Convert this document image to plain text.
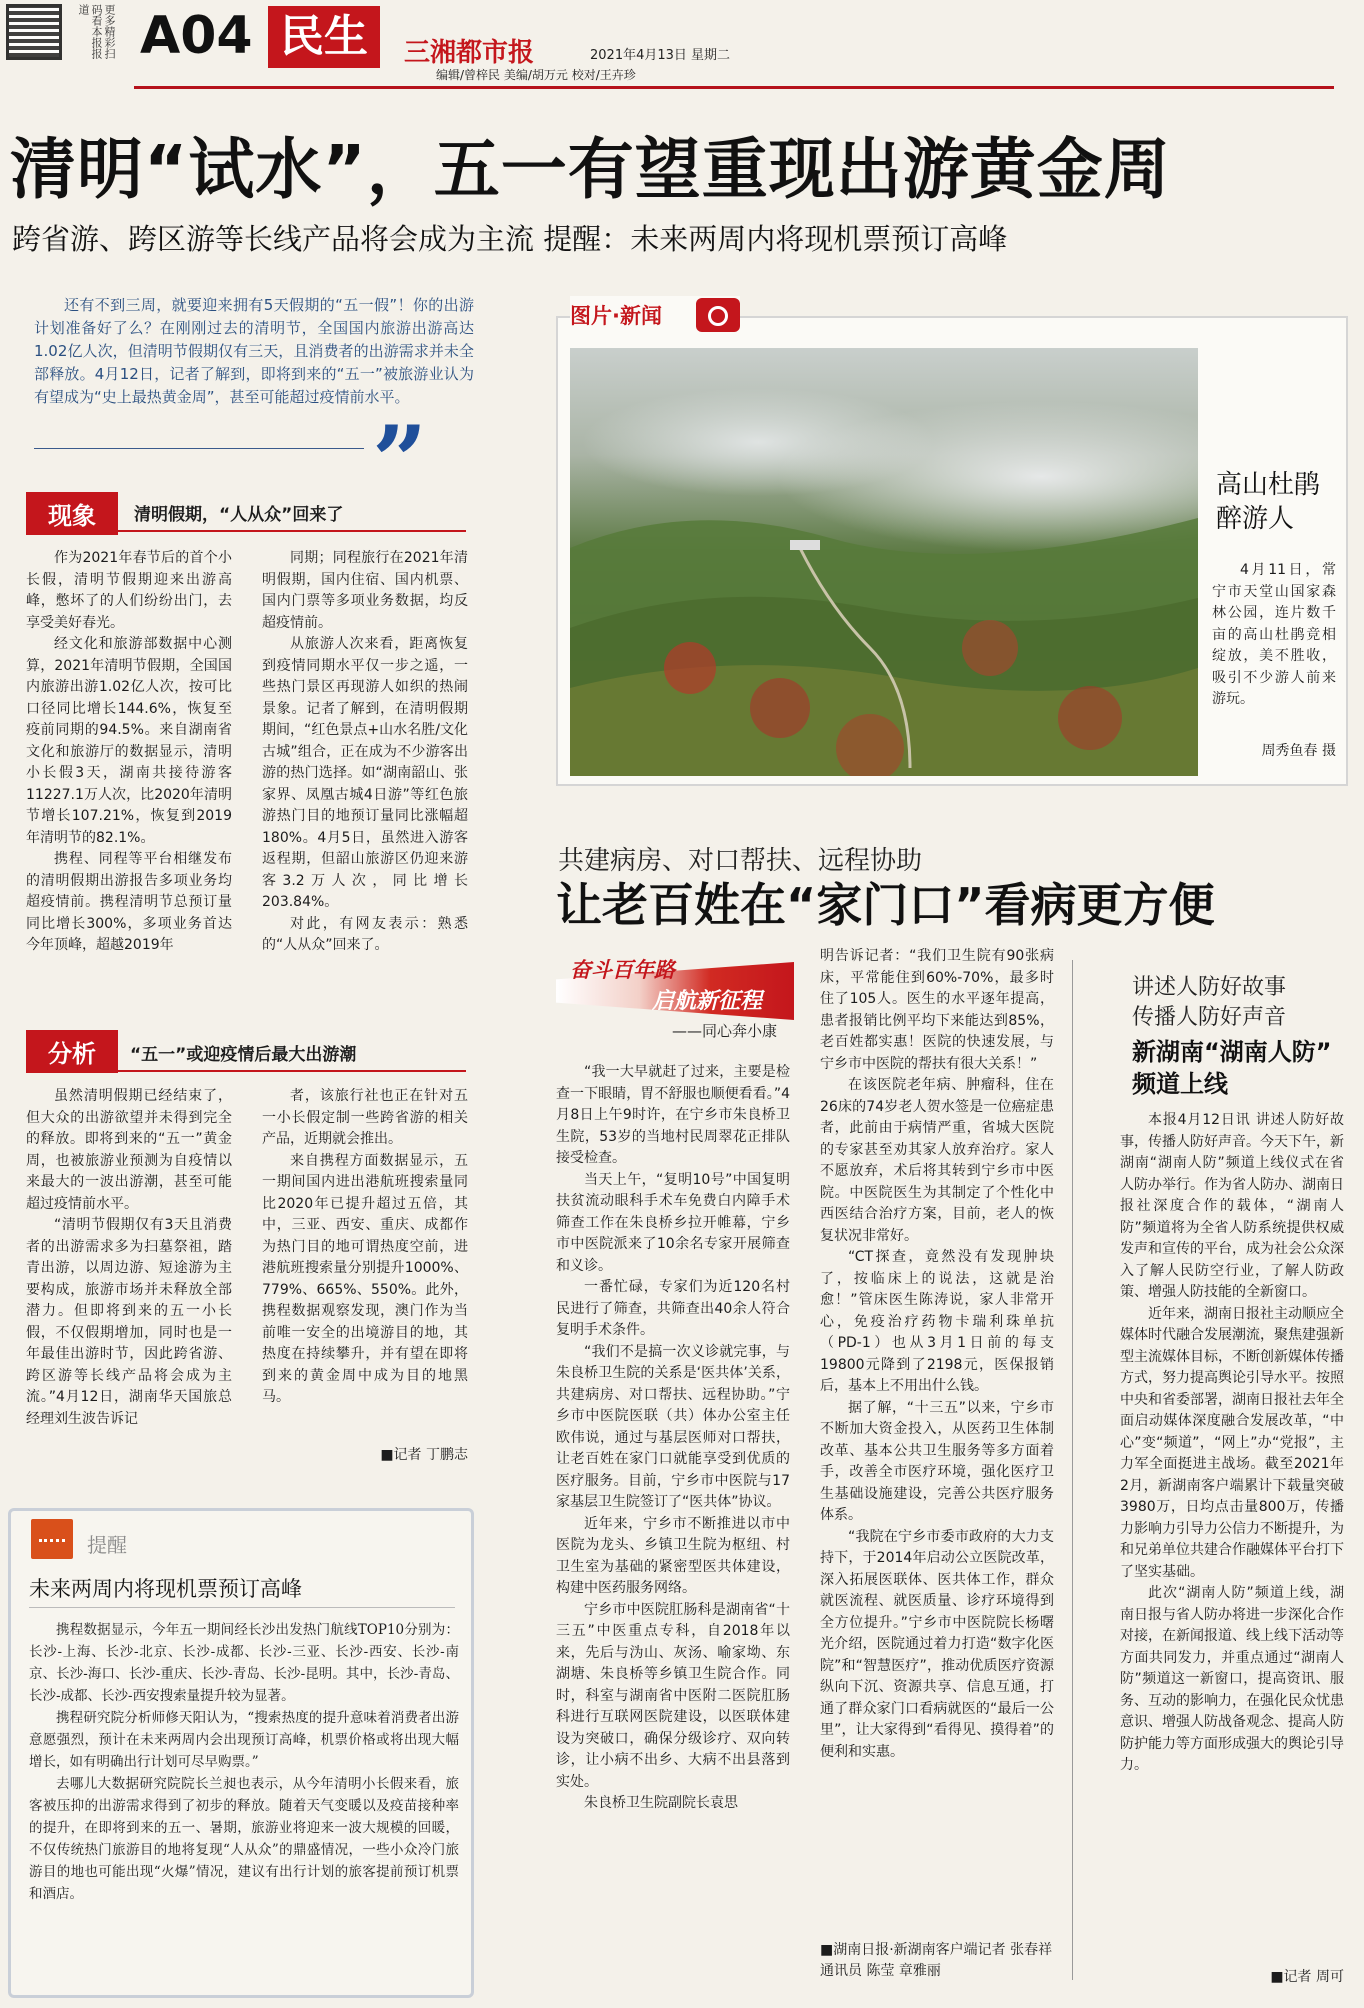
更多精彩扫码看本报报道 A04 民生	三湘都市报	2021年4月13日 星期二
编辑/曾梓民 美编/胡万元 校对/王卉珍
清明“试水”，五一有望重现出游黄金周
跨省游、跨区游等长线产品将会成为主流 提醒：未来两周内将现机票预订高峰
还有不到三周，就要迎来拥有5天假期的“五一假”！你的出游计划准备好了么？在刚刚过去的清明节，全国国内旅游出游高达1.02亿人次，但清明节假期仅有三天，且消费者的出游需求并未全部释放。4月12日，记者了解到，即将到来的“五一”被旅游业认为有望成为“史上最热黄金周”，甚至可能超过疫情前水平。
”
现象	清明假期，“人从众”回来了

作为2021年春节后的首个小长假，清明节假期迎来出游高峰，憋坏了的人们纷纷出门，去享受美好春光。

经文化和旅游部数据中心测算，2021年清明节假期，全国国内旅游出游1.02亿人次，按可比口径同比增长144.6%，恢复至疫前同期的94.5%。来自湖南省文化和旅游厅的数据显示，清明小长假3天，湖南共接待游客11227.1万人次，比2020年清明节增长107.21%，恢复到2019年清明节的82.1%。

携程、同程等平台相继发布的清明假期出游报告多项业务均超疫情前。携程清明节总预订量同比增长300%，多项业务首达今年顶峰，超越2019年

同期；同程旅行在2021年清明假期，国内住宿、国内机票、国内门票等多项业务数据，均反超疫情前。

从旅游人次来看，距离恢复到疫情同期水平仅一步之遥，一些热门景区再现游人如织的热闹景象。记者了解到，在清明假期期间，“红色景点+山水名胜/文化古城”组合，正在成为不少游客出游的热门选择。如“湖南韶山、张家界、凤凰古城4日游”等红色旅游热门目的地预订量同比涨幅超180%。4月5日，虽然进入游客返程期，但韶山旅游区仍迎来游客3.2万人次，同比增长203.84%。

对此，有网友表示：熟悉的“人从众”回来了。

分析	“五一”或迎疫情后最大出游潮

虽然清明假期已经结束了，但大众的出游欲望并未得到完全的释放。即将到来的“五一”黄金周，也被旅游业预测为自疫情以来最大的一波出游潮，甚至可能超过疫情前水平。

“清明节假期仅有3天且消费者的出游需求多为扫墓祭祖，踏青出游，以周边游、短途游为主要构成，旅游市场并未释放全部潜力。但即将到来的五一小长假，不仅假期增加，同时也是一年最佳出游时节，因此跨省游、跨区游等长线产品将会成为主流。”4月12日，湖南华天国旅总经理刘生波告诉记

者，该旅行社也正在针对五一小长假定制一些跨省游的相关产品，近期就会推出。

来自携程方面数据显示，五一期间国内进出港航班搜索量同比2020年已提升超过五倍，其中，三亚、西安、重庆、成都作为热门目的地可谓热度空前，进港航班搜索量分别提升1000%、779%、665%、550%。此外，携程数据观察发现，澳门作为当前唯一安全的出境游目的地，其热度在持续攀升，并有望在即将到来的黄金周中成为目的地黑马。

■记者 丁鹏志
提醒
未来两周内将现机票预订高峰

携程数据显示，今年五一期间经长沙出发热门航线TOP10分别为：长沙-上海、长沙-北京、长沙-成都、长沙-三亚、长沙-西安、长沙-南京、长沙-海口、长沙-重庆、长沙-青岛、长沙-昆明。其中，长沙-青岛、长沙-成都、长沙-西安搜索量提升较为显著。

携程研究院分析师修天阳认为，“搜索热度的提升意味着消费者出游意愿强烈，预计在未来两周内会出现预订高峰，机票价格或将出现大幅增长，如有明确出行计划可尽早购票。”

去哪儿大数据研究院院长兰昶也表示，从今年清明小长假来看，旅客被压抑的出游需求得到了初步的释放。随着天气变暖以及疫苗接种率的提升，在即将到来的五一、暑期，旅游业将迎来一波大规模的回暖，不仅传统热门旅游目的地将复现“人从众”的鼎盛情况，一些小众冷门旅游目的地也可能出现“火爆”情况，建议有出行计划的旅客提前预订机票和酒店。

图片·新闻
高山杜鹃
醉游人
4月11日，常宁市天堂山国家森林公园，连片数千亩的高山杜鹃竞相绽放，美不胜收，吸引不少游人前来游玩。
周秀鱼春 摄
共建病房、对口帮扶、远程协助
让老百姓在“家门口”看病更方便
奋斗百年路
启航新征程
——同心奔小康

“我一大早就赶了过来，主要是检查一下眼睛，胃不舒服也顺便看看。”4月8日上午9时许，在宁乡市朱良桥卫生院，53岁的当地村民周翠花正排队接受检查。

当天上午，“复明10号”中国复明扶贫流动眼科手术车免费白内障手术筛查工作在朱良桥乡拉开帷幕，宁乡市中医院派来了10余名专家开展筛查和义诊。

一番忙碌，专家们为近120名村民进行了筛查，共筛查出40余人符合复明手术条件。

“我们不是搞一次义诊就完事，与朱良桥卫生院的关系是‘医共体’关系，共建病房、对口帮扶、远程协助。”宁乡市中医院医联（共）体办公室主任欧伟说，通过与基层医师对口帮扶，让老百姓在家门口就能享受到优质的医疗服务。目前，宁乡市中医院与17家基层卫生院签订了“医共体”协议。

近年来，宁乡市不断推进以市中医院为龙头、乡镇卫生院为枢纽、村卫生室为基础的紧密型医共体建设，构建中医药服务网络。

宁乡市中医院肛肠科是湖南省“十三五”中医重点专科，自2018年以来，先后与沩山、灰汤、喻家坳、东湖塘、朱良桥等乡镇卫生院合作。同时，科室与湖南省中医附二医院肛肠科进行互联网医院建设，以医联体建设为突破口，确保分级诊疗、双向转诊，让小病不出乡、大病不出县落到实处。

朱良桥卫生院副院长袁思

明告诉记者：“我们卫生院有90张病床，平常能住到60%-70%，最多时住了105人。医生的水平逐年提高，患者报销比例平均下来能达到85%，老百姓都实惠！医院的快速发展，与宁乡市中医院的帮扶有很大关系！”

在该医院老年病、肿瘤科，住在26床的74岁老人贺水签是一位癌症患者，此前由于病情严重，省城大医院的专家甚至劝其家人放弃治疗。家人不愿放弃，术后将其转到宁乡市中医院。中医院医生为其制定了个性化中西医结合治疗方案，目前，老人的恢复状况非常好。

“CT探查，竟然没有发现肿块了，按临床上的说法，这就是治愈！”管床医生陈涛说，家人非常开心，免疫治疗药物卡瑞利珠单抗（PD-1）也从3月1日前的每支19800元降到了2198元，医保报销后，基本上不用出什么钱。

据了解，“十三五”以来，宁乡市不断加大资金投入，从医药卫生体制改革、基本公共卫生服务等多方面着手，改善全市医疗环境，强化医疗卫生基础设施建设，完善公共医疗服务体系。

“我院在宁乡市委市政府的大力支持下，于2014年启动公立医院改革，深入拓展医联体、医共体工作，群众就医流程、就医质量、诊疗环境得到全方位提升。”宁乡市中医院院长杨曙光介绍，医院通过着力打造“数字化医院”和“智慧医疗”，推动优质医疗资源纵向下沉、资源共享、信息互通，打通了群众家门口看病就医的“最后一公里”，让大家得到“看得见、摸得着”的便利和实惠。

■湖南日报·新湖南客户端记者 张春祥 通讯员 陈莹 章雅丽
讲述人防好故事
传播人防好声音
新湖南“湖南人防”
频道上线

本报4月12日讯 讲述人防好故事，传播人防好声音。今天下午，新湖南“湖南人防”频道上线仪式在省人防办举行。作为省人防办、湖南日报社深度合作的载体，“湖南人防”频道将为全省人防系统提供权威发声和宣传的平台，成为社会公众深入了解人民防空行业，了解人防政策、增强人防技能的全新窗口。

近年来，湖南日报社主动顺应全媒体时代融合发展潮流，聚焦建强新型主流媒体目标，不断创新媒体传播方式，努力提高舆论引导水平。按照中央和省委部署，湖南日报社去年全面启动媒体深度融合发展改革，“中心”变“频道”，“网上”办“党报”，主力军全面挺进主战场。截至2021年2月，新湖南客户端累计下载量突破3980万，日均点击量800万，传播力影响力引导力公信力不断提升，为和兄弟单位共建合作融媒体平台打下了坚实基础。

此次“湖南人防”频道上线，湖南日报与省人防办将进一步深化合作对接，在新闻报道、线上线下活动等方面共同发力，并重点通过“湖南人防”频道这一新窗口，提高资讯、服务、互动的影响力，在强化民众忧患意识、增强人防战备观念、提高人防防护能力等方面形成强大的舆论引导力。

■记者 周可
